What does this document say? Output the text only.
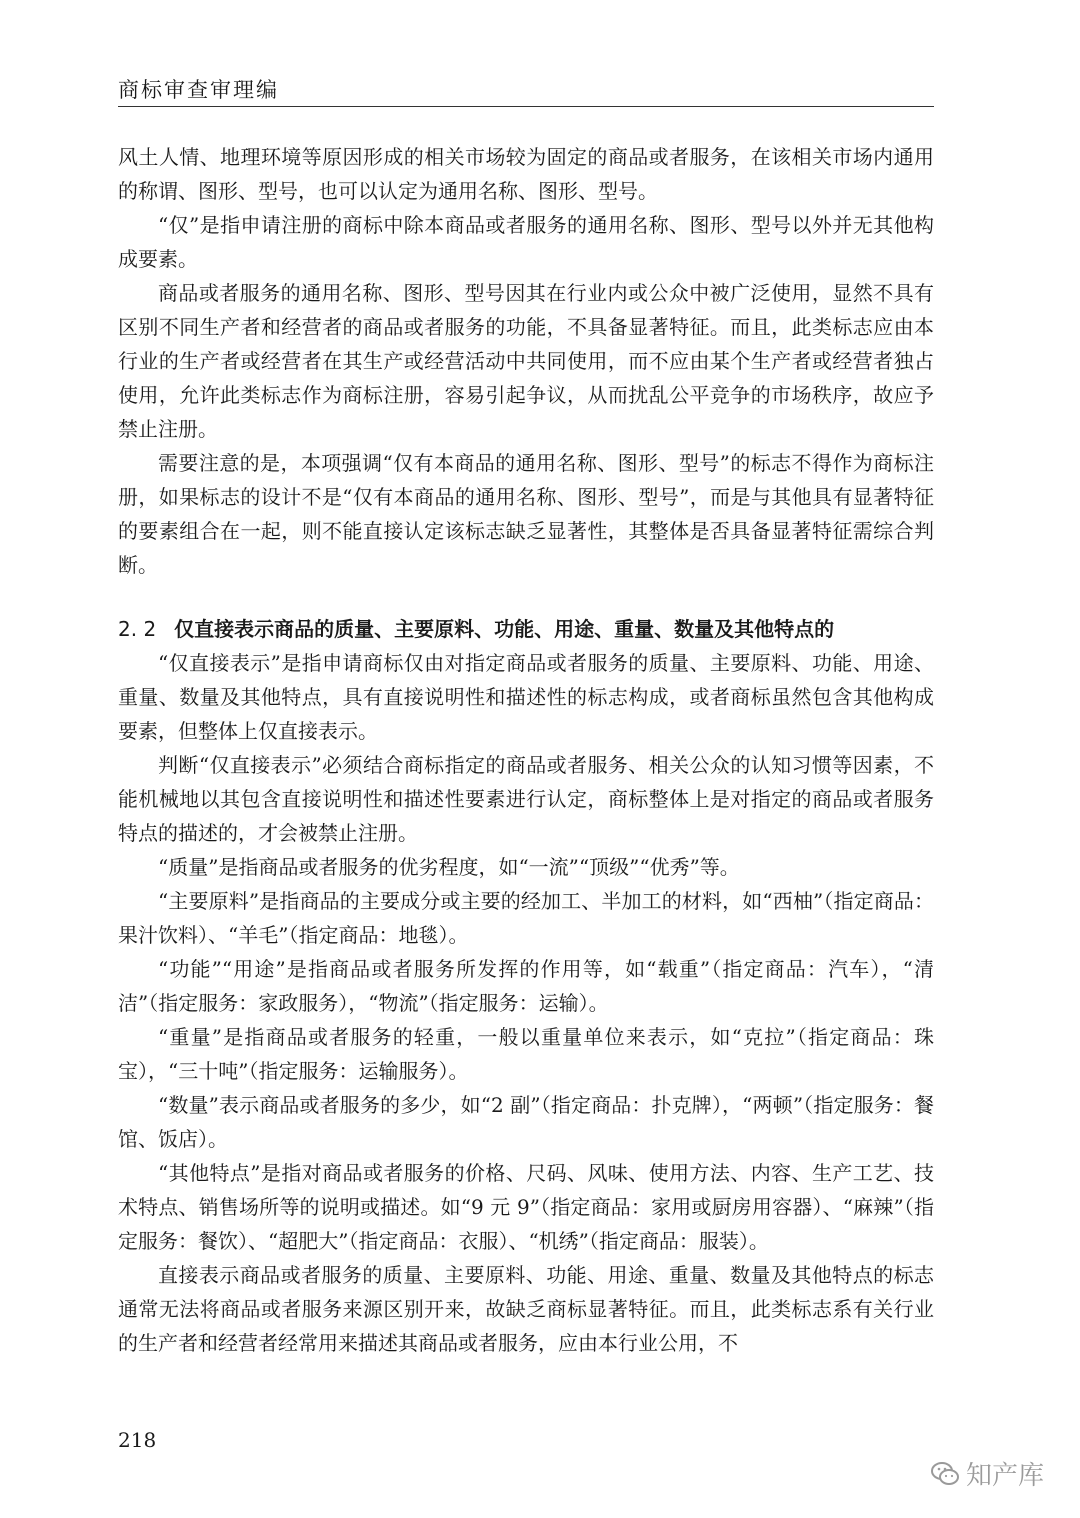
商标审查审理编

风土人情、地理环境等原因形成的相关市场较为固定的商品或者服务，在该相关市场内通用的称谓、图形、型号，也可以认定为通用名称、图形、型号。

“仅”是指申请注册的商标中除本商品或者服务的通用名称、图形、型号以外并无其他构成要素。

商品或者服务的通用名称、图形、型号因其在行业内或公众中被广泛使用，显然不具有区别不同生产者和经营者的商品或者服务的功能，不具备显著特征。而且，此类标志应由本行业的生产者或经营者在其生产或经营活动中共同使用，而不应由某个生产者或经营者独占使用，允许此类标志作为商标注册，容易引起争议，从而扰乱公平竞争的市场秩序，故应予禁止注册。

需要注意的是，本项强调“仅有本商品的通用名称、图形、型号”的标志不得作为商标注册，如果标志的设计不是“仅有本商品的通用名称、图形、型号”，而是与其他具有显著特征的要素组合在一起，则不能直接认定该标志缺乏显著性，其整体是否具备显著特征需综合判断。

2. 2 仅直接表示商品的质量、主要原料、功能、用途、重量、数量及其他特点的

“仅直接表示”是指申请商标仅由对指定商品或者服务的质量、主要原料、功能、用途、重量、数量及其他特点，具有直接说明性和描述性的标志构成，或者商标虽然包含其他构成要素，但整体上仅直接表示。

判断“仅直接表示”必须结合商标指定的商品或者服务、相关公众的认知习惯等因素，不能机械地以其包含直接说明性和描述性要素进行认定，商标整体上是对指定的商品或者服务特点的描述的，才会被禁止注册。

“质量”是指商品或者服务的优劣程度，如“一流”“顶级”“优秀”等。

“主要原料”是指商品的主要成分或主要的经加工、半加工的材料，如“西柚”（指定商品：果汁饮料）、“羊毛”（指定商品：地毯）。

“功能”“用途”是指商品或者服务所发挥的作用等，如“载重”（指定商品：汽车），“清洁”（指定服务：家政服务），“物流”（指定服务：运输）。

“重量”是指商品或者服务的轻重，一般以重量单位来表示，如“克拉”（指定商品：珠宝），“三十吨”（指定服务：运输服务）。

“数量”表示商品或者服务的多少，如“2 副”（指定商品：扑克牌），“两顿”（指定服务：餐馆、饭店）。

“其他特点”是指对商品或者服务的价格、尺码、风味、使用方法、内容、生产工艺、技术特点、销售场所等的说明或描述。如“9 元 9”（指定商品：家用或厨房用容器）、“麻辣”（指定服务：餐饮）、“超肥大”（指定商品：衣服）、“机绣”（指定商品：服装）。

直接表示商品或者服务的质量、主要原料、功能、用途、重量、数量及其他特点的标志通常无法将商品或者服务来源区别开来，故缺乏商标显著特征。而且，此类标志系有关行业的生产者和经营者经常用来描述其商品或者服务，应由本行业公用，不

218
知产库
